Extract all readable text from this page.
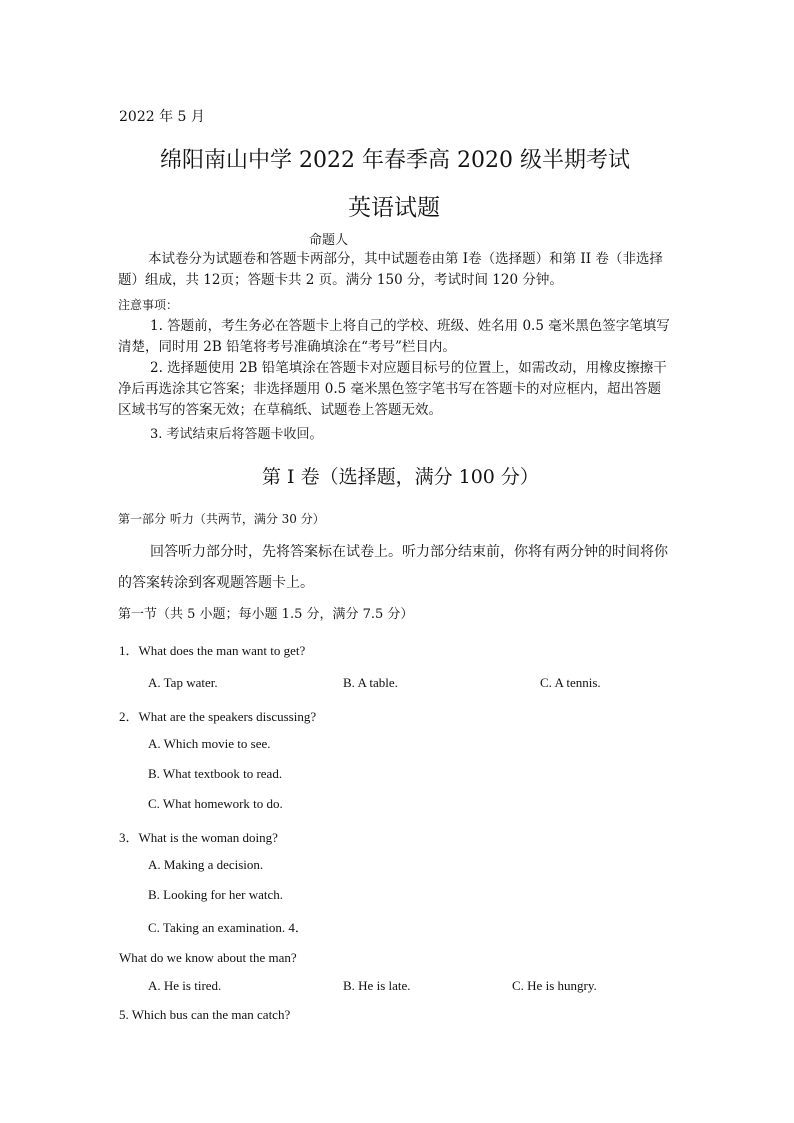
2022 年 5 月
绵阳南山中学 2022 年春季高 2020 级半期考试
英语试题
命题人
本试卷分为试题卷和答题卡两部分，其中试题卷由第 I卷（选择题）和第 II 卷（非选择题）组成，共 12页；答题卡共 2 页。满分 150 分，考试时间 120 分钟。
注意事项：
1. 答题前，考生务必在答题卡上将自己的学校、班级、姓名用 0.5 毫米黑色签字笔填写清楚，同时用 2B 铅笔将考号准确填涂在“考号”栏目内。
2. 选择题使用 2B 铅笔填涂在答题卡对应题目标号的位置上，如需改动，用橡皮擦擦干净后再选涂其它答案；非选择题用 0.5 毫米黑色签字笔书写在答题卡的对应框内，超出答题区域书写的答案无效；在草稿纸、试题卷上答题无效。
3. 考试结束后将答题卡收回。
第 I 卷（选择题，满分 100 分）
第一部分 听力（共两节，满分 30 分）
回答听力部分时，先将答案标在试卷上。听力部分结束前，你将有两分钟的时间将你
的答案转涂到客观题答题卡上。
第一节（共 5 小题；每小题 1.5 分，满分 7.5 分）
1．What does the man want to get?
A. Tap water.	B. A table.	C. A tennis.
2．What are the speakers discussing?
A. Which movie to see.
B. What textbook to read.
C. What homework to do.
3．What is the woman doing?
A. Making a decision.
B. Looking for her watch.
C. Taking an examination. 4．
What do we know about the man?
A. He is tired.	B. He is late.	C. He is hungry.
5. Which bus can the man catch?
